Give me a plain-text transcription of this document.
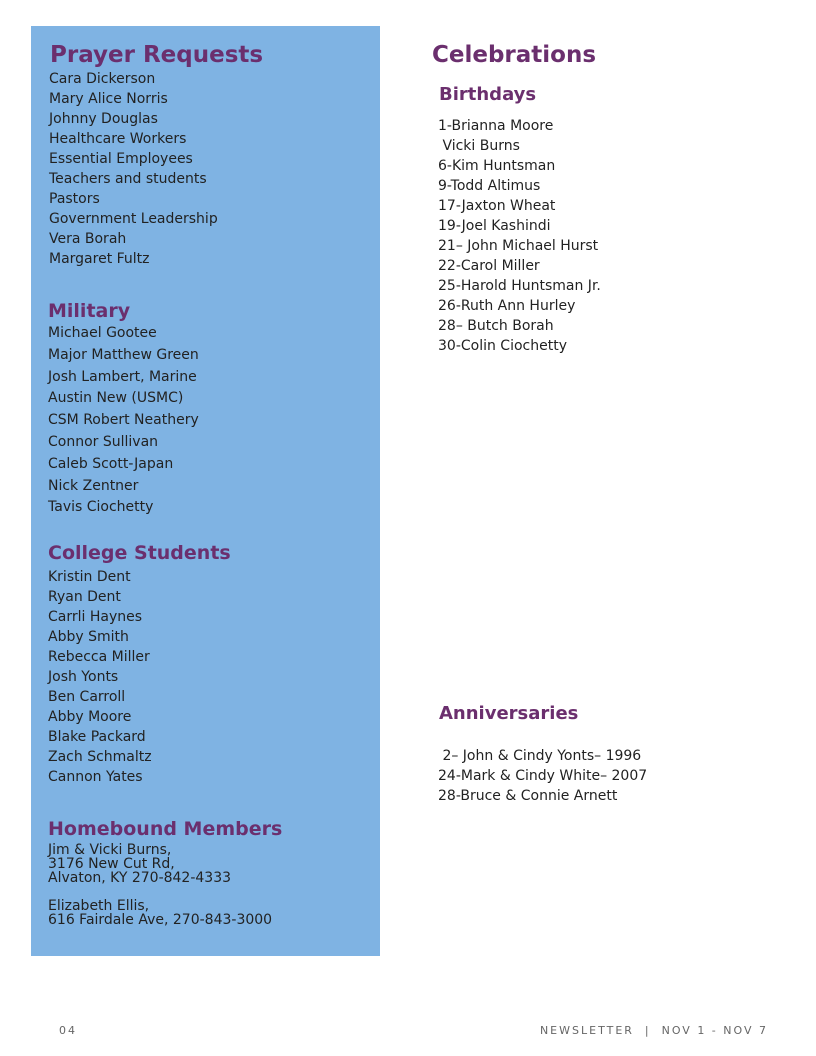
Prayer Requests
Cara Dickerson
Mary Alice Norris
Johnny Douglas
Healthcare Workers
Essential Employees
Teachers and students
Pastors
Government Leadership
Vera Borah
Margaret Fultz
Military
Michael Gootee
Major Matthew Green
Josh Lambert, Marine
Austin New (USMC)
CSM Robert Neathery
Connor Sullivan
Caleb Scott-Japan
Nick Zentner
Tavis Ciochetty
College Students
Kristin Dent
Ryan Dent
Carrli Haynes
Abby Smith
Rebecca Miller
Josh Yonts
Ben Carroll
Abby Moore
Blake Packard
Zach Schmaltz
Cannon Yates
Homebound Members
Jim & Vicki Burns,
3176 New Cut Rd,
Alvaton, KY 270-842-4333
Elizabeth Ellis,
616 Fairdale Ave, 270-843-3000
Celebrations
Birthdays
1-Brianna Moore
Vicki Burns
6-Kim Huntsman
9-Todd Altimus
17-Jaxton Wheat
19-Joel Kashindi
21– John Michael Hurst
22-Carol Miller
25-Harold Huntsman Jr.
26-Ruth Ann Hurley
28– Butch Borah
30-Colin Ciochetty
Anniversaries
2– John & Cindy Yonts– 1996
24-Mark & Cindy White– 2007
28-Bruce & Connie Arnett
04	NEWSLETTER  |  NOV 1 - NOV 7
